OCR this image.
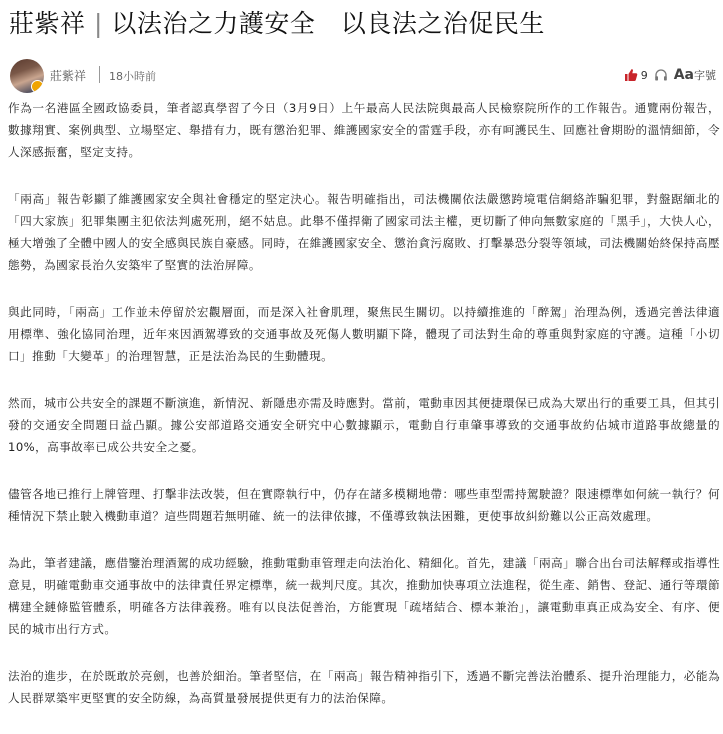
莊紫祥 | 以法治之力護安全　以良法之治促民生
莊紫祥 18小時前	9 Aa字號

作為一名港區全國政協委員，筆者認真學習了今日（3月9日）上午最高人民法院與最高人民檢察院所作的工作報告。通覽兩份報告，數據翔實、案例典型、立場堅定、舉措有力，既有懲治犯罪、維護國家安全的雷霆手段，亦有呵護民生、回應社會期盼的溫情細節，令人深感振奮，堅定支持。

「兩高」報告彰顯了維護國家安全與社會穩定的堅定決心。報告明確指出，司法機關依法嚴懲跨境電信網絡詐騙犯罪，對盤踞緬北的「四大家族」犯罪集團主犯依法判處死刑，絕不姑息。此舉不僅捍衛了國家司法主權，更切斷了伸向無數家庭的「黑手」，大快人心，極大增強了全體中國人的安全感與民族自豪感。同時，在維護國家安全、懲治貪污腐敗、打擊暴恐分裂等領域，司法機關始終保持高壓態勢，為國家長治久安築牢了堅實的法治屏障。

與此同時，「兩高」工作並未停留於宏觀層面，而是深入社會肌理，聚焦民生關切。以持續推進的「醉駕」治理為例，透過完善法律適用標準、強化協同治理，近年來因酒駕導致的交通事故及死傷人數明顯下降，體現了司法對生命的尊重與對家庭的守護。這種「小切口」推動「大變革」的治理智慧，正是法治為民的生動體現。

然而，城市公共安全的課題不斷演進，新情況、新隱患亦需及時應對。當前，電動車因其便捷環保已成為大眾出行的重要工具，但其引發的交通安全問題日益凸顯。據公安部道路交通安全研究中心數據顯示，電動自行車肇事導致的交通事故約佔城市道路事故總量的10%，高事故率已成公共安全之憂。

儘管各地已推行上牌管理、打擊非法改裝，但在實際執行中，仍存在諸多模糊地帶：哪些車型需持駕駛證？限速標準如何統一執行？何種情況下禁止駛入機動車道？這些問題若無明確、統一的法律依據，不僅導致執法困難，更使事故糾紛難以公正高效處理。

為此，筆者建議，應借鑒治理酒駕的成功經驗，推動電動車管理走向法治化、精細化。首先，建議「兩高」聯合出台司法解釋或指導性意見，明確電動車交通事故中的法律責任界定標準，統一裁判尺度。其次，推動加快專項立法進程，從生產、銷售、登記、通行等環節構建全鏈條監管體系，明確各方法律義務。唯有以良法促善治，方能實現「疏堵結合、標本兼治」，讓電動車真正成為安全、有序、便民的城市出行方式。

法治的進步，在於既敢於亮劍，也善於細治。筆者堅信，在「兩高」報告精神指引下，透過不斷完善法治體系、提升治理能力，必能為人民群眾築牢更堅實的安全防線，為高質量發展提供更有力的法治保障。
